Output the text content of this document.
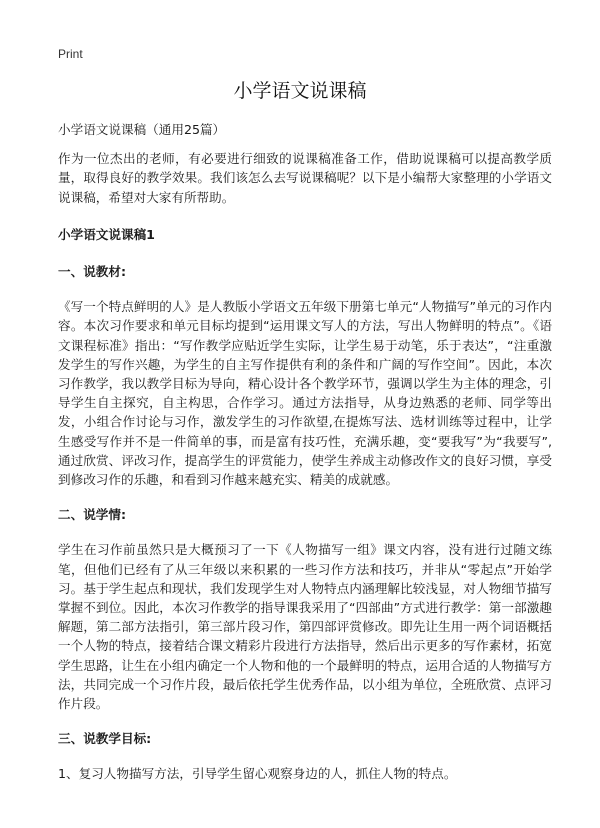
Print
小学语文说课稿

小学语文说课稿（通用25篇）

作为一位杰出的老师，有必要进行细致的说课稿准备工作，借助说课稿可以提高教学质量，取得良好的教学效果。我们该怎么去写说课稿呢？以下是小编帮大家整理的小学语文说课稿，希望对大家有所帮助。

小学语文说课稿1

一、说教材:

《写一个特点鲜明的人》是人教版小学语文五年级下册第七单元“人物描写”单元的习作内容。本次习作要求和单元目标均提到“运用课文写人的方法，写出人物鲜明的特点”。《语文课程标准》指出：“写作教学应贴近学生实际，让学生易于动笔，乐于表达”，“注重激发学生的写作兴趣，为学生的自主写作提供有利的条件和广阔的写作空间”。因此，本次习作教学，我以教学目标为导向，精心设计各个教学环节，强调以学生为主体的理念，引导学生自主探究，自主构思，合作学习。通过方法指导，从身边熟悉的老师、同学等出发，小组合作讨论与习作，激发学生的习作欲望,在提炼写法、选材训练等过程中，让学生感受写作并不是一件简单的事，而是富有技巧性，充满乐趣，变“要我写”为“我要写”,通过欣赏、评改习作，提高学生的评赏能力，使学生养成主动修改作文的良好习惯，享受到修改习作的乐趣，和看到习作越来越充实、精美的成就感。

二、说学情:

学生在习作前虽然只是大概预习了一下《人物描写一组》课文内容，没有进行过随文练笔，但他们已经有了从三年级以来积累的一些习作方法和技巧，并非从“零起点”开始学习。基于学生起点和现状，我们发现学生对人物特点内涵理解比较浅显，对人物细节描写掌握不到位。因此，本次习作教学的指导课我采用了“四部曲”方式进行教学：第一部激趣解题，第二部方法指引，第三部片段习作，第四部评赏修改。即先让生用一两个词语概括一个人物的特点，接着结合课文精彩片段进行方法指导，然后出示更多的写作素材，拓宽学生思路，让生在小组内确定一个人物和他的一个最鲜明的特点，运用合适的人物描写方法，共同完成一个习作片段，最后依托学生优秀作品，以小组为单位，全班欣赏、点评习作片段。

三、说教学目标:

1、复习人物描写方法，引导学生留心观察身边的人，抓住人物的特点。
